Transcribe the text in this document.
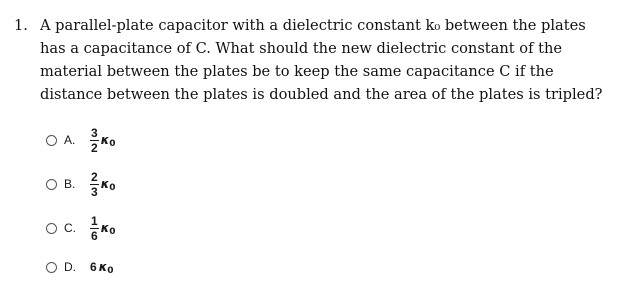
1. A parallel-plate capacitor with a dielectric constant k₀ between the plates has a capacitance of C. What should the new dielectric constant of the material between the plates be to keep the same capacitance C if the distance between the plates is doubled and the area of the plates is tripled?
A.	$\frac{3}{2} \kappa_0$
B.	$\frac{2}{3} \kappa_0$
C.	$\frac{1}{6} \kappa_0$
D.	6 $\kappa_0$
